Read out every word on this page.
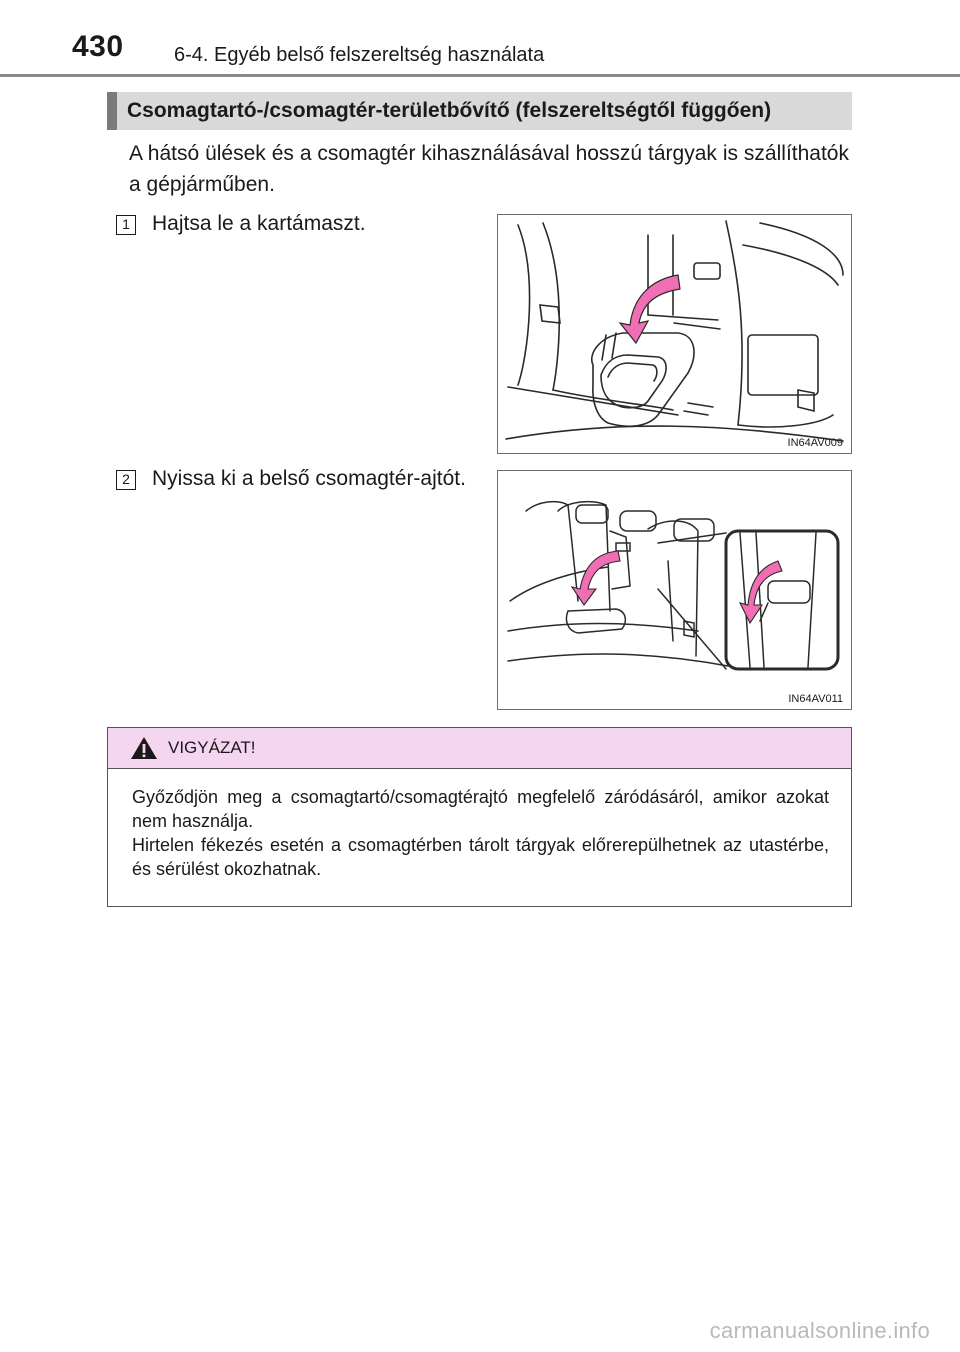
430	6-4. Egyéb belső felszereltség használata
Csomagtartó-/csomagtér-területbővítő (felszereltségtől függően)
A hátsó ülések és a csomagtér kihasználásával hosszú tárgyak is szállíthatók a gépjárműben.
1 Hajtsa le a kartámaszt.
IN64AV009
2 Nyissa ki a belső csomagtér-ajtót.
IN64AV011
VIGYÁZAT!

Győződjön meg a csomagtartó/csomagtérajtó megfelelő záródásáról, amikor azokat nem használja.

Hirtelen fékezés esetén a csomagtérben tárolt tárgyak előrerepülhetnek az utastérbe, és sérülést okozhatnak.

carmanualsonline.info
